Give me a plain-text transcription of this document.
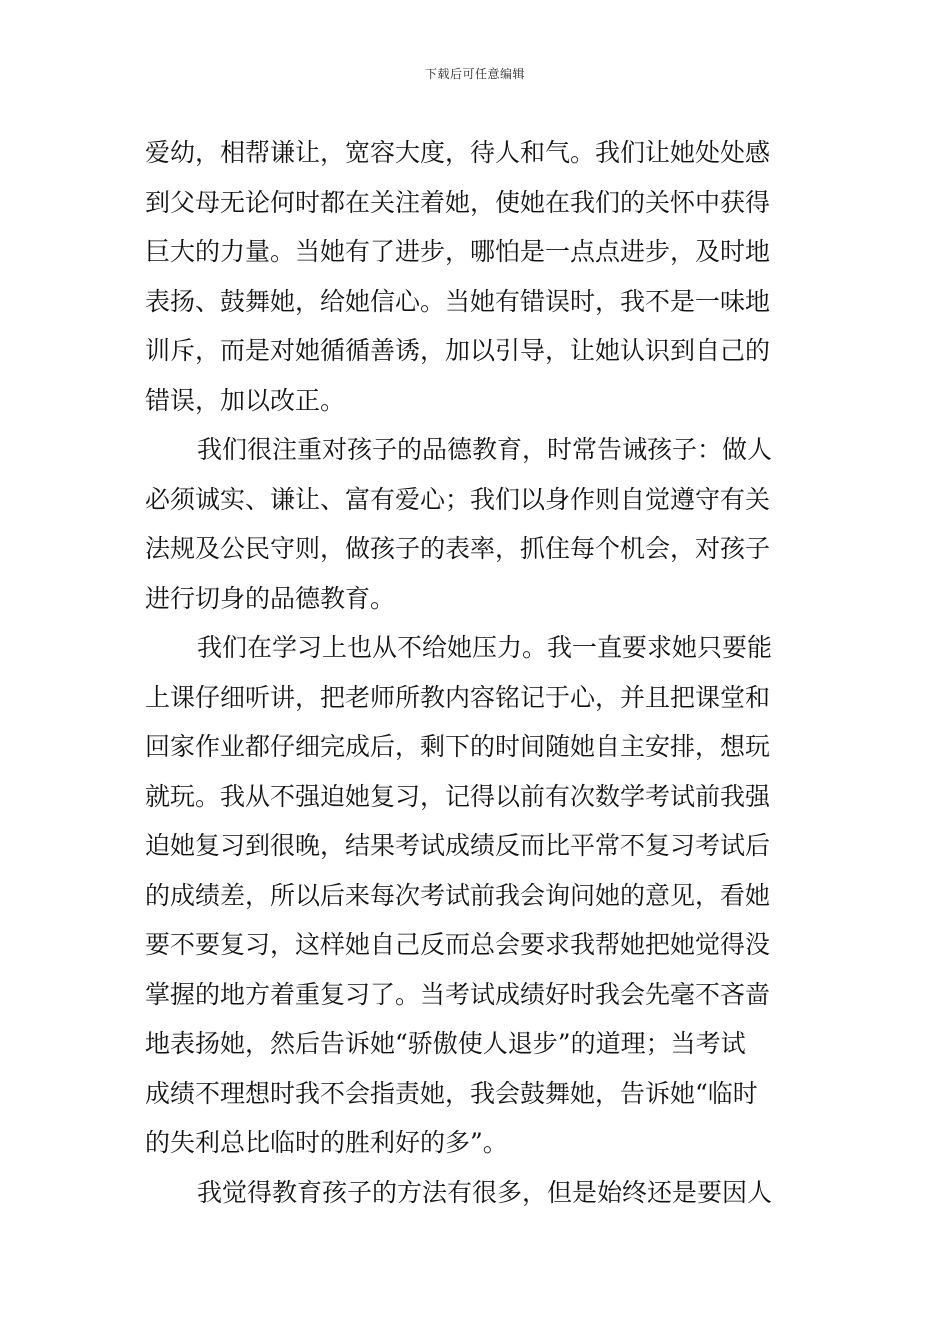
下载后可任意编辑
爱幼，相帮谦让，宽容大度，待人和气。我们让她处处感
到父母无论何时都在关注着她，使她在我们的关怀中获得
巨大的力量。当她有了进步，哪怕是一点点进步，及时地
表扬、鼓舞她，给她信心。当她有错误时，我不是一味地
训斥，而是对她循循善诱，加以引导，让她认识到自己的
错误，加以改正。
我们很注重对孩子的品德教育，时常告诫孩子：做人
必须诚实、谦让、富有爱心；我们以身作则自觉遵守有关
法规及公民守则，做孩子的表率，抓住每个机会，对孩子
进行切身的品德教育。
我们在学习上也从不给她压力。我一直要求她只要能
上课仔细听讲，把老师所教内容铭记于心，并且把课堂和
回家作业都仔细完成后，剩下的时间随她自主安排，想玩
就玩。我从不强迫她复习，记得以前有次数学考试前我强
迫她复习到很晚，结果考试成绩反而比平常不复习考试后
的成绩差，所以后来每次考试前我会询问她的意见，看她
要不要复习，这样她自己反而总会要求我帮她把她觉得没
掌握的地方着重复习了。当考试成绩好时我会先毫不吝啬
地表扬她，然后告诉她“骄傲使人退步”的道理；当考试
成绩不理想时我不会指责她，我会鼓舞她，告诉她“临时
的失利总比临时的胜利好的多”。
我觉得教育孩子的方法有很多，但是始终还是要因人
